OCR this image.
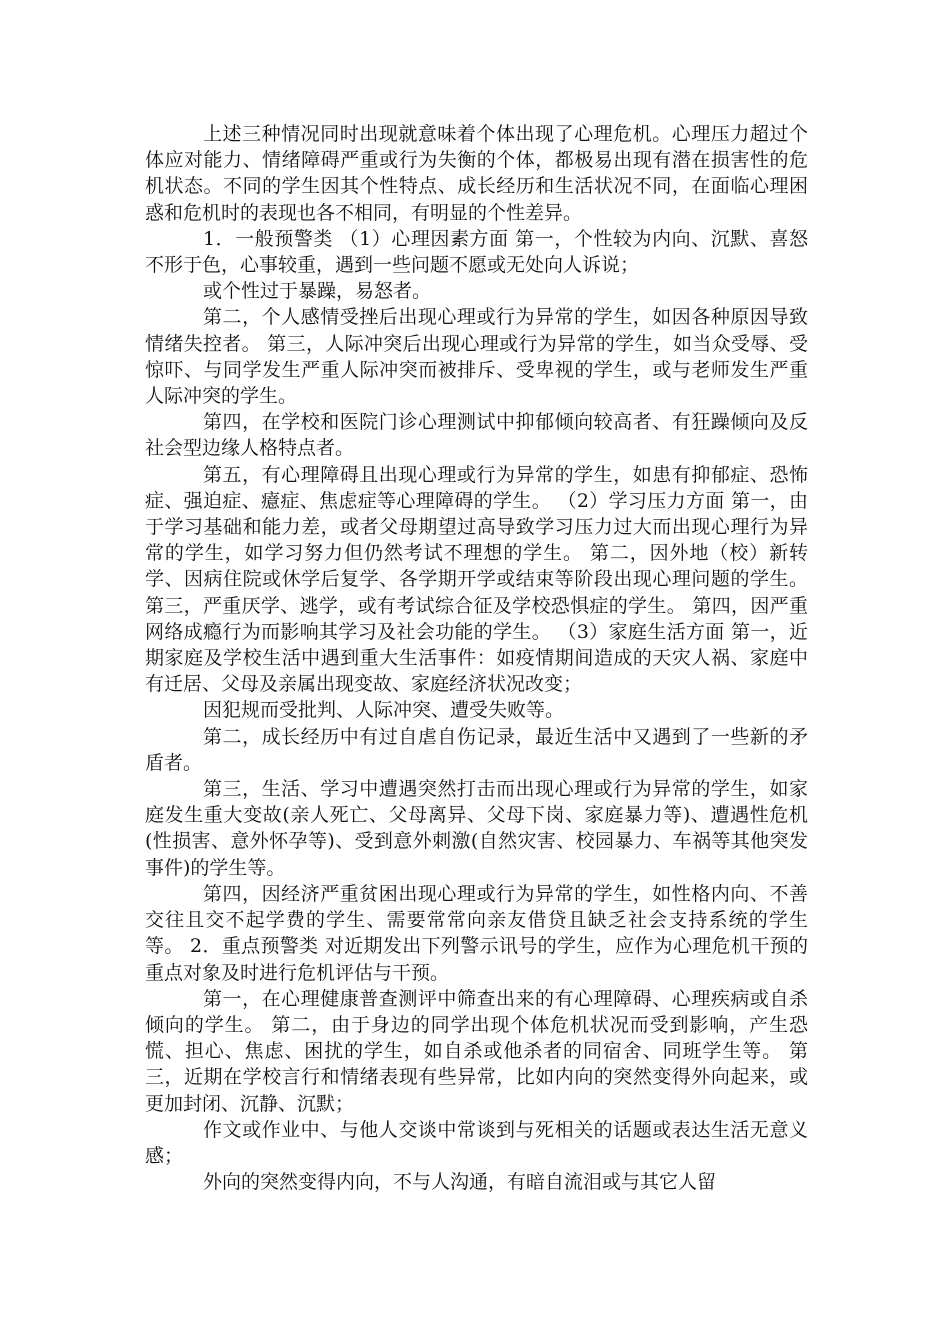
上述三种情况同时出现就意味着个体出现了心理危机。心理压力超过个体应对能力、情绪障碍严重或行为失衡的个体，都极易出现有潜在损害性的危机状态。不同的学生因其个性特点、成长经历和生活状况不同，在面临心理困惑和危机时的表现也各不相同，有明显的个性差异。

1．一般预警类 （1）心理因素方面 第一，个性较为内向、沉默、喜怒不形于色，心事较重，遇到一些问题不愿或无处向人诉说；

或个性过于暴躁，易怒者。

第二，个人感情受挫后出现心理或行为异常的学生，如因各种原因导致情绪失控者。 第三，人际冲突后出现心理或行为异常的学生，如当众受辱、受惊吓、与同学发生严重人际冲突而被排斥、受卑视的学生，或与老师发生严重人际冲突的学生。

第四，在学校和医院门诊心理测试中抑郁倾向较高者、有狂躁倾向及反社会型边缘人格特点者。

第五，有心理障碍且出现心理或行为异常的学生，如患有抑郁症、恐怖症、强迫症、癔症、焦虑症等心理障碍的学生。 （2）学习压力方面 第一，由于学习基础和能力差，或者父母期望过高导致学习压力过大而出现心理行为异常的学生，如学习努力但仍然考试不理想的学生。 第二，因外地（校）新转学、因病住院或休学后复学、各学期开学或结束等阶段出现心理问题的学生。 第三，严重厌学、逃学，或有考试综合征及学校恐惧症的学生。 第四，因严重网络成瘾行为而影响其学习及社会功能的学生。 （3）家庭生活方面 第一，近期家庭及学校生活中遇到重大生活事件：如疫情期间造成的天灾人祸、家庭中有迁居、父母及亲属出现变故、家庭经济状况改变；

因犯规而受批判、人际冲突、遭受失败等。

第二，成长经历中有过自虐自伤记录，最近生活中又遇到了一些新的矛盾者。

第三，生活、学习中遭遇突然打击而出现心理或行为异常的学生，如家庭发生重大变故(亲人死亡、父母离异、父母下岗、家庭暴力等)、遭遇性危机(性损害、意外怀孕等)、受到意外刺激(自然灾害、校园暴力、车祸等其他突发事件)的学生等。

第四，因经济严重贫困出现心理或行为异常的学生，如性格内向、不善交往且交不起学费的学生、需要常常向亲友借贷且缺乏社会支持系统的学生等。 2．重点预警类 对近期发出下列警示讯号的学生，应作为心理危机干预的重点对象及时进行危机评估与干预。

第一，在心理健康普查测评中筛查出来的有心理障碍、心理疾病或自杀倾向的学生。 第二，由于身边的同学出现个体危机状况而受到影响，产生恐慌、担心、焦虑、困扰的学生，如自杀或他杀者的同宿舍、同班学生等。 第三，近期在学校言行和情绪表现有些异常，比如内向的突然变得外向起来，或更加封闭、沉静、沉默；

作文或作业中、与他人交谈中常谈到与死相关的话题或表达生活无意义感；

外向的突然变得内向，不与人沟通，有暗自流泪或与其它人留
